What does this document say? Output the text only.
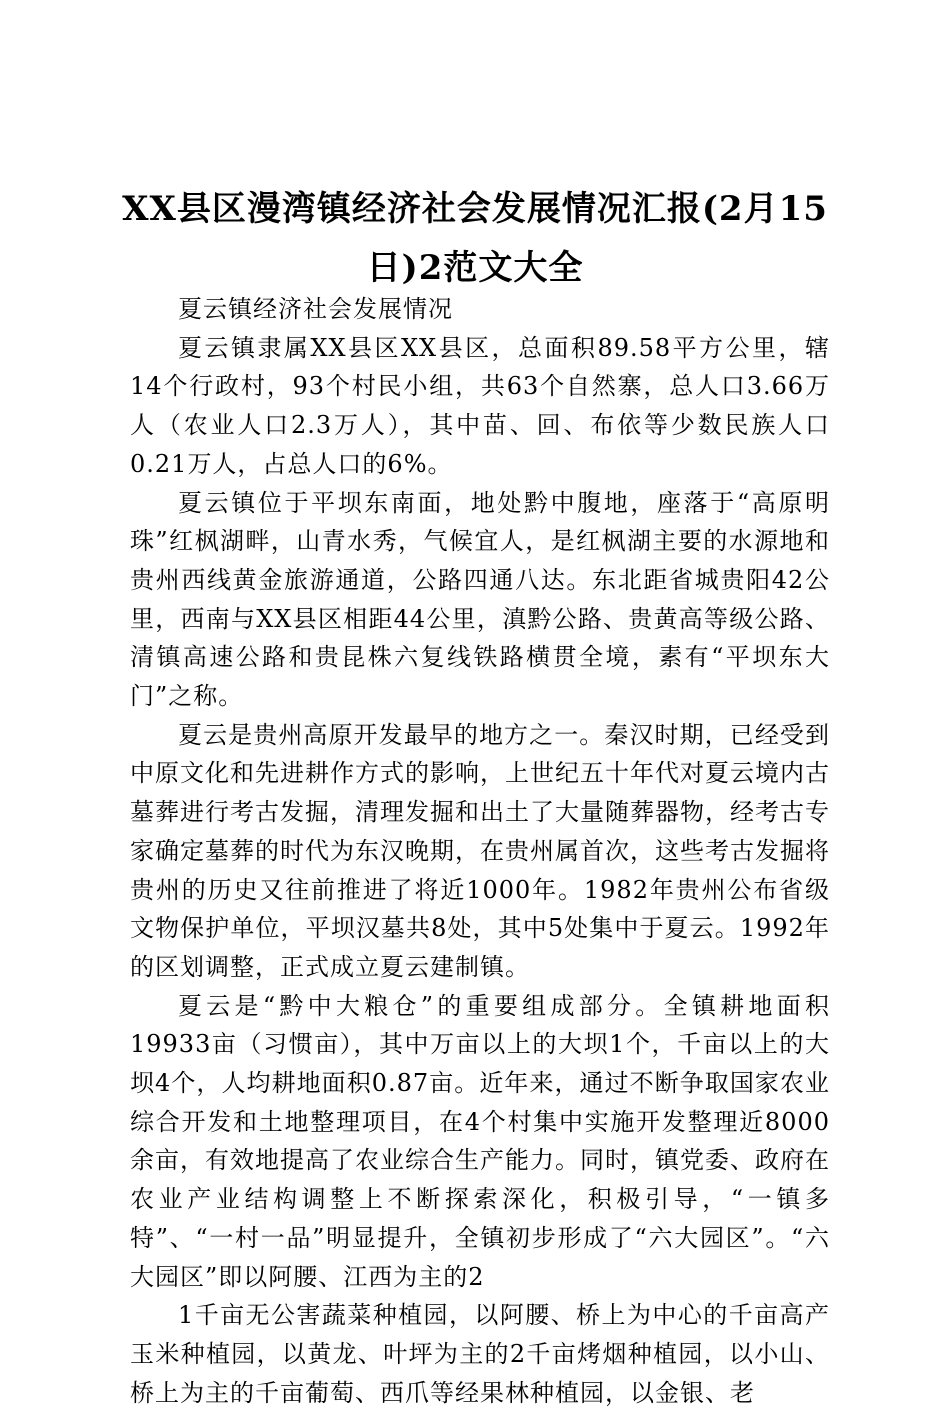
XX县区漫湾镇经济社会发展情况汇报(2月15日)2范文大全

夏云镇经济社会发展情况

夏云镇隶属XX县区XX县区，总面积89.58平方公里，辖14个行政村，93个村民小组，共63个自然寨，总人口3.66万人（农业人口2.3万人），其中苗、回、布依等少数民族人口0.21万人，占总人口的6%。

夏云镇位于平坝东南面，地处黔中腹地，座落于“高原明珠”红枫湖畔，山青水秀，气候宜人，是红枫湖主要的水源地和贵州西线黄金旅游通道，公路四通八达。东北距省城贵阳42公里，西南与XX县区相距44公里，滇黔公路、贵黄高等级公路、清镇高速公路和贵昆株六复线铁路横贯全境，素有“平坝东大门”之称。

夏云是贵州高原开发最早的地方之一。秦汉时期，已经受到中原文化和先进耕作方式的影响，上世纪五十年代对夏云境内古墓葬进行考古发掘，清理发掘和出土了大量随葬器物，经考古专家确定墓葬的时代为东汉晚期，在贵州属首次，这些考古发掘将贵州的历史又往前推进了将近1000年。1982年贵州公布省级文物保护单位，平坝汉墓共8处，其中5处集中于夏云。1992年的区划调整，正式成立夏云建制镇。

夏云是“黔中大粮仓”的重要组成部分。全镇耕地面积19933亩（习惯亩），其中万亩以上的大坝1个，千亩以上的大坝4个，人均耕地面积0.87亩。近年来，通过不断争取国家农业综合开发和土地整理项目，在4个村集中实施开发整理近8000余亩，有效地提高了农业综合生产能力。同时，镇党委、政府在农业产业结构调整上不断探索深化，积极引导，“一镇多特”、“一村一品”明显提升，全镇初步形成了“六大园区”。“六大园区”即以阿腰、江西为主的2

1千亩无公害蔬菜种植园，以阿腰、桥上为中心的千亩高产玉米种植园，以黄龙、叶坪为主的2千亩烤烟种植园，以小山、桥上为主的千亩葡萄、西爪等经果林种植园，以金银、老
